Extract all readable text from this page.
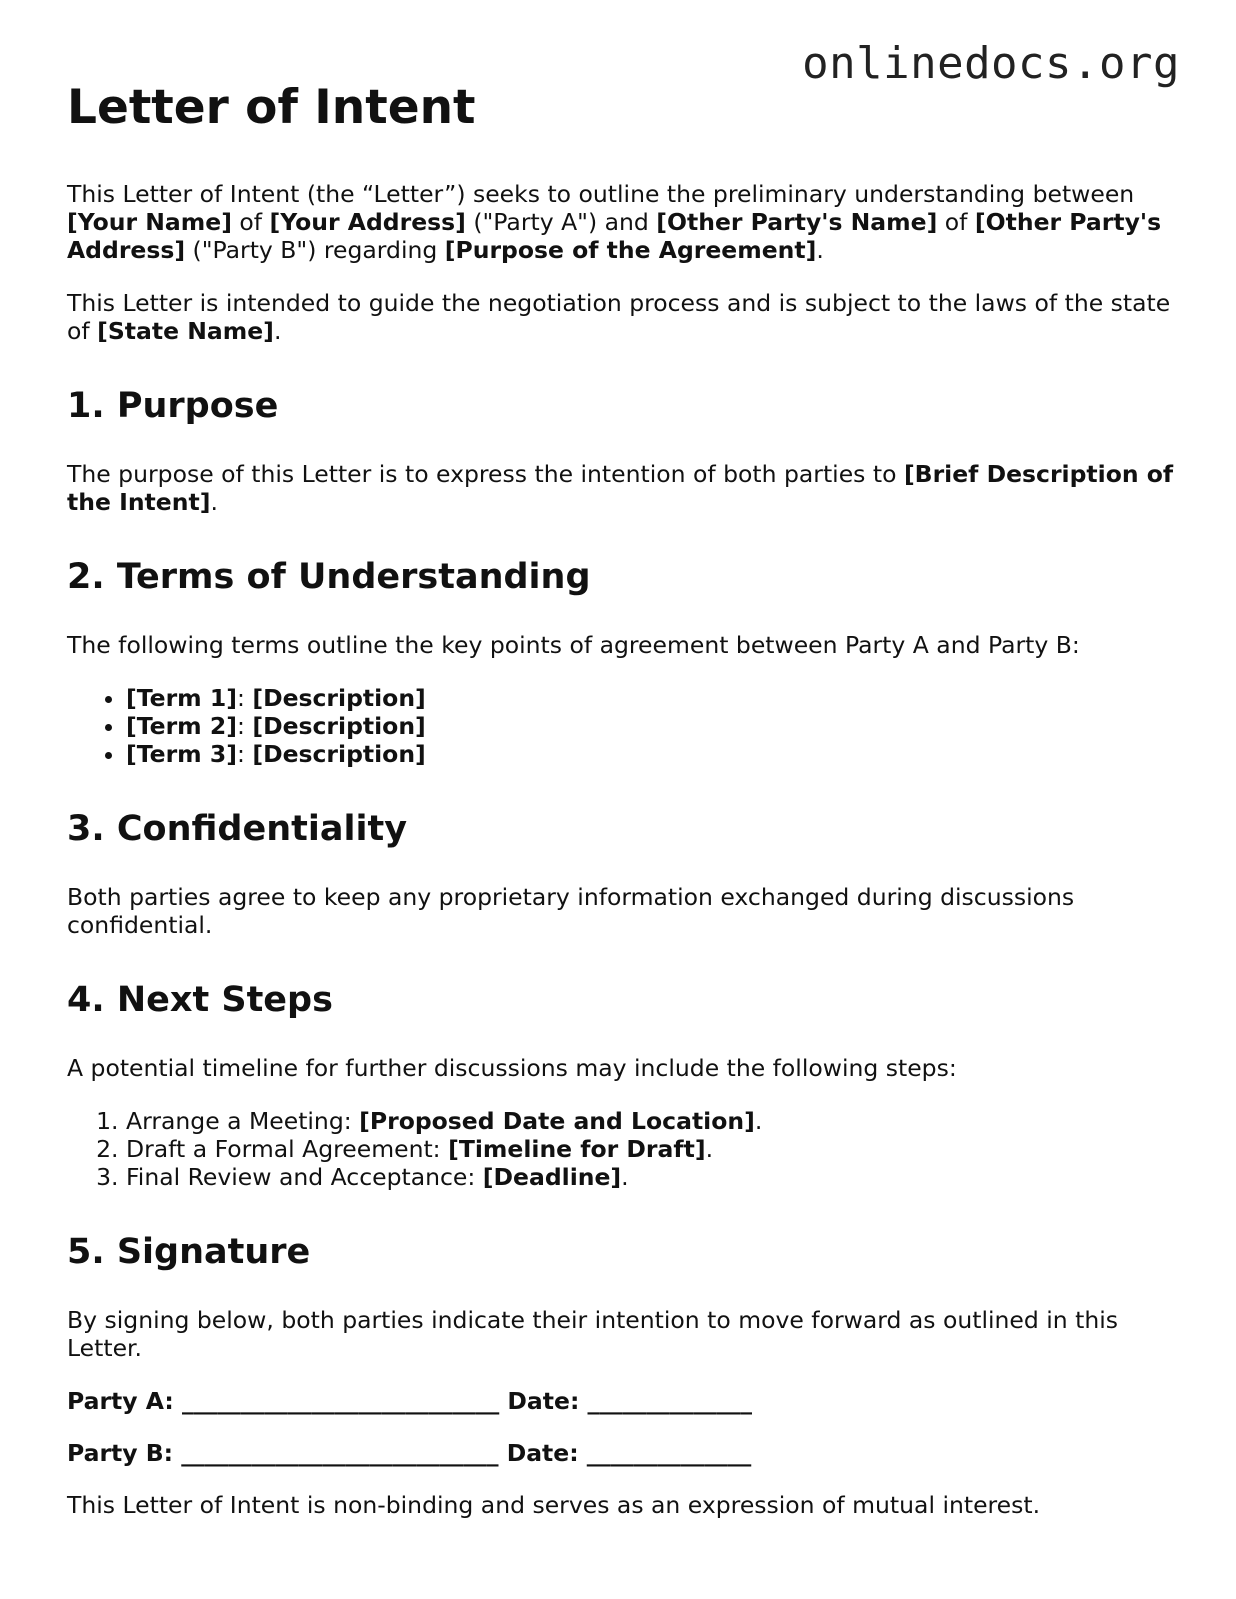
onlinedocs.org
Letter of Intent

This Letter of Intent (the “Letter”) seeks to outline the preliminary understanding between [Your Name] of [Your Address] ("Party A") and [Other Party's Name] of [Other Party's Address] ("Party B") regarding [Purpose of the Agreement].

This Letter is intended to guide the negotiation process and is subject to the laws of the state of [State Name].

1. Purpose

The purpose of this Letter is to express the intention of both parties to [Brief Description of the Intent].

2. Terms of Understanding

The following terms outline the key points of agreement between Party A and Party B:

• [Term 1]: [Description]
• [Term 2]: [Description]
• [Term 3]: [Description]
3. Confidentiality

Both parties agree to keep any proprietary information exchanged during discussions confidential.

4. Next Steps

A potential timeline for further discussions may include the following steps:

1. Arrange a Meeting: [Proposed Date and Location].
2. Draft a Formal Agreement: [Timeline for Draft].
3. Final Review and Acceptance: [Deadline].
5. Signature

By signing below, both parties indicate their intention to move forward as outlined in this Letter.

Party A: ___________________________ Date: ______________

Party B: ___________________________ Date: ______________

This Letter of Intent is non-binding and serves as an expression of mutual interest.
